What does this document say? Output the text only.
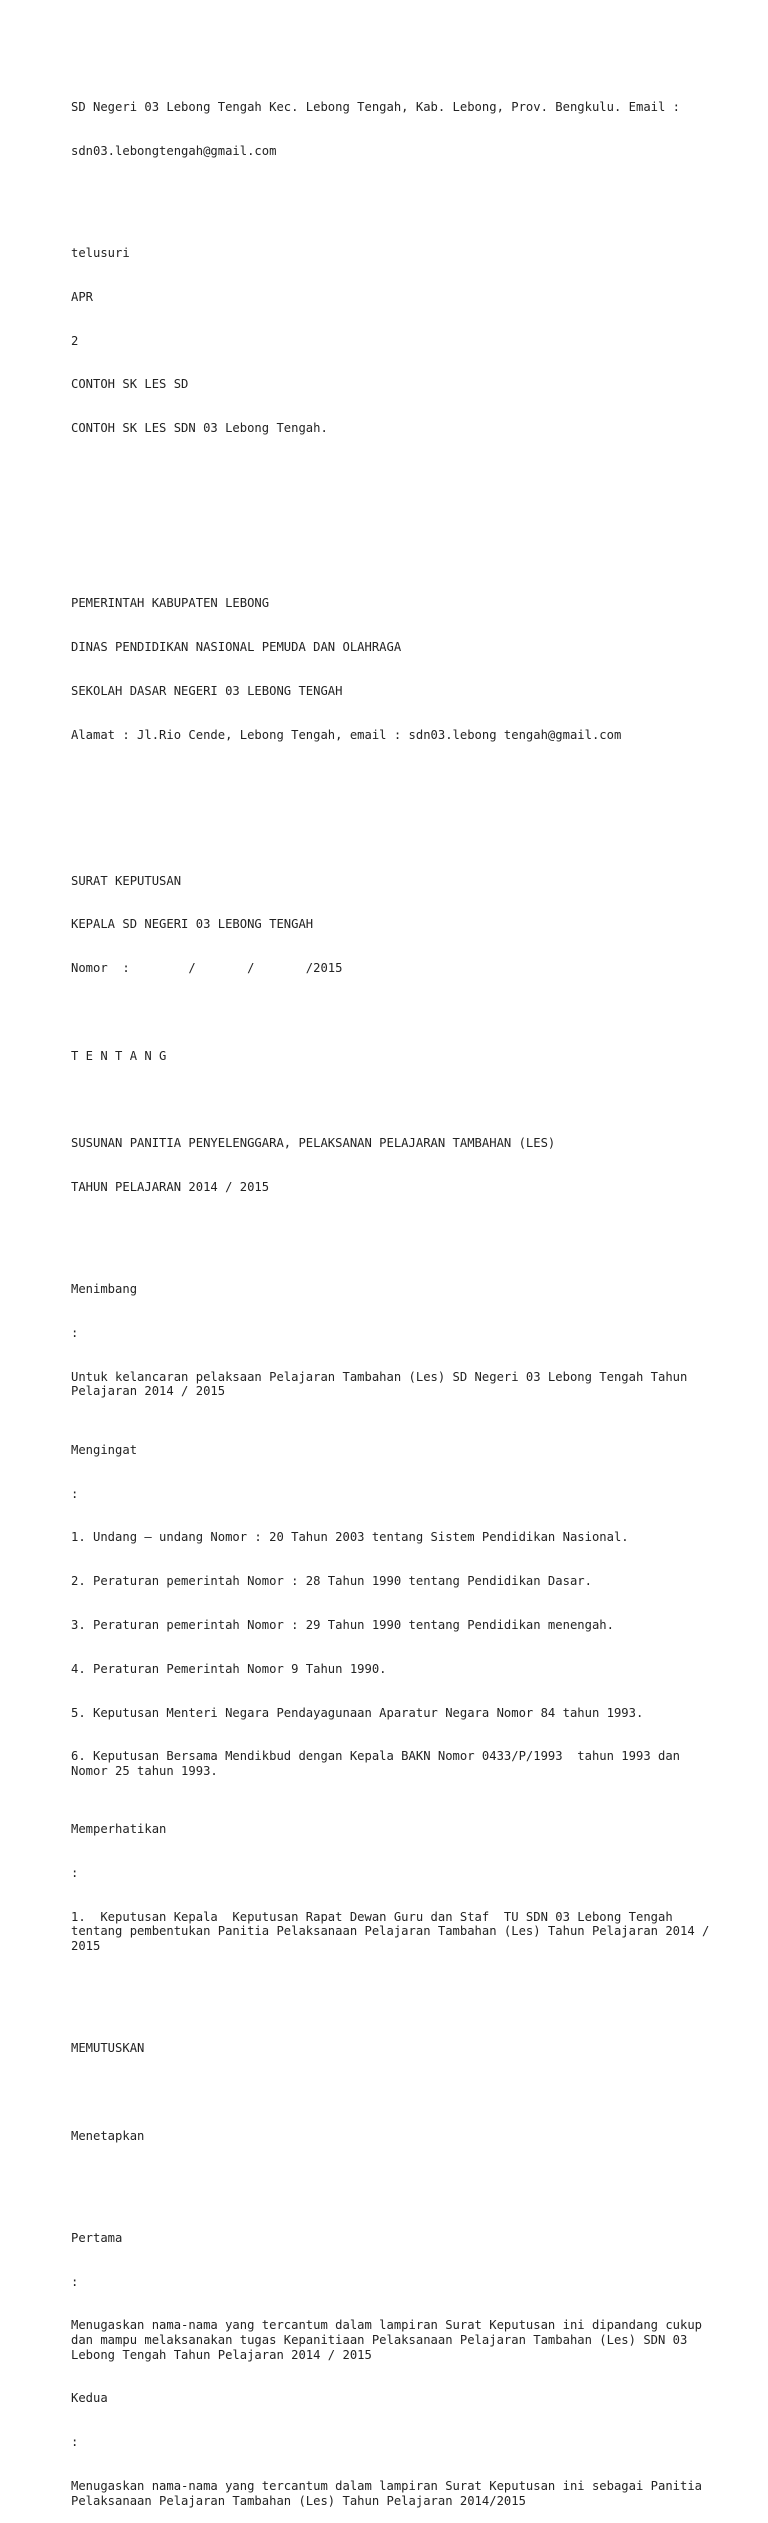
SD Negeri 03 Lebong Tengah Kec. Lebong Tengah, Kab. Lebong, Prov. Bengkulu. Email :

sdn03.lebongtengah@gmail.com

telusuri

APR

2

CONTOH SK LES SD

CONTOH SK LES SDN 03 Lebong Tengah.

PEMERINTAH KABUPATEN LEBONG

DINAS PENDIDIKAN NASIONAL PEMUDA DAN OLAHRAGA

SEKOLAH DASAR NEGERI 03 LEBONG TENGAH

Alamat : Jl.Rio Cende, Lebong Tengah, email : sdn03.lebong tengah@gmail.com

SURAT KEPUTUSAN

KEPALA SD NEGERI 03 LEBONG TENGAH

Nomor  :        /       /       /2015

T E N T A N G

SUSUNAN PANITIA PENYELENGGARA, PELAKSANAN PELAJARAN TAMBAHAN (LES)

TAHUN PELAJARAN 2014 / 2015

Menimbang

:

Untuk kelancaran pelaksaan Pelajaran Tambahan (Les) SD Negeri 03 Lebong Tengah Tahun Pelajaran 2014 / 2015

Mengingat

:

1. Undang – undang Nomor : 20 Tahun 2003 tentang Sistem Pendidikan Nasional.

2. Peraturan pemerintah Nomor : 28 Tahun 1990 tentang Pendidikan Dasar.

3. Peraturan pemerintah Nomor : 29 Tahun 1990 tentang Pendidikan menengah.

4. Peraturan Pemerintah Nomor 9 Tahun 1990.

5. Keputusan Menteri Negara Pendayagunaan Aparatur Negara Nomor 84 tahun 1993.

6. Keputusan Bersama Mendikbud dengan Kepala BAKN Nomor 0433/P/1993  tahun 1993 dan Nomor 25 tahun 1993.

Memperhatikan

:

1.  Keputusan Kepala  Keputusan Rapat Dewan Guru dan Staf  TU SDN 03 Lebong Tengah tentang pembentukan Panitia Pelaksanaan Pelajaran Tambahan (Les) Tahun Pelajaran 2014 / 2015

MEMUTUSKAN

Menetapkan

Pertama

:

Menugaskan nama-nama yang tercantum dalam lampiran Surat Keputusan ini dipandang cukup dan mampu melaksanakan tugas Kepanitiaan Pelaksanaan Pelajaran Tambahan (Les) SDN 03 Lebong Tengah Tahun Pelajaran 2014 / 2015

Kedua

:

Menugaskan nama-nama yang tercantum dalam lampiran Surat Keputusan ini sebagai Panitia Pelaksanaan Pelajaran Tambahan (Les) Tahun Pelajaran 2014/2015
